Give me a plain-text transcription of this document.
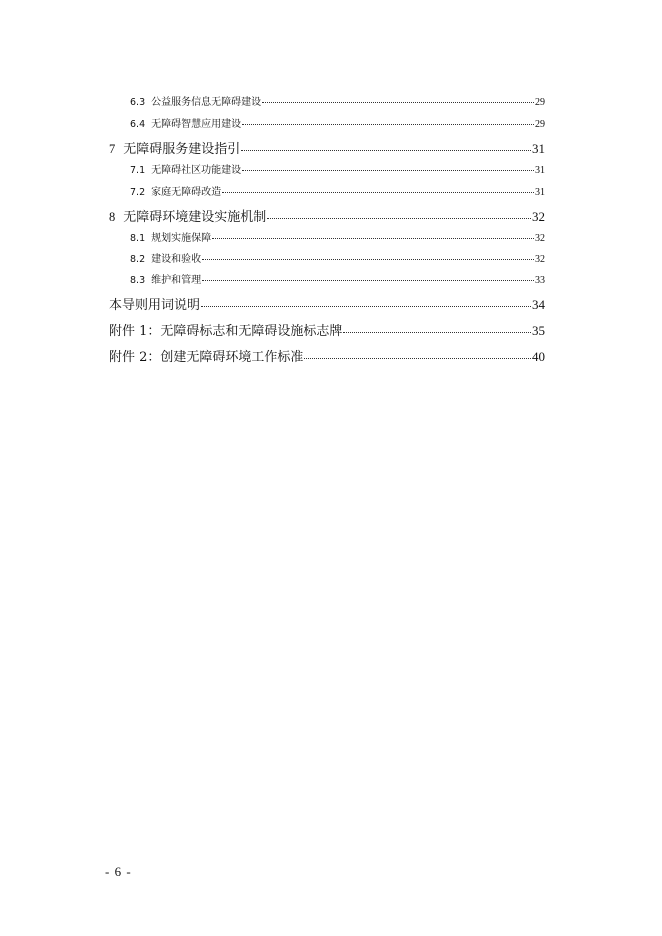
6.3 公益服务信息无障碍建设	29
6.4 无障碍智慧应用建设	29
7 无障碍服务建设指引	31
7.1 无障碍社区功能建设	31
7.2 家庭无障碍改造	31
8 无障碍环境建设实施机制	32
8.1 规划实施保障	32
8.2 建设和验收	32
8.3 维护和管理	33
本导则用词说明	34
附件 1：无障碍标志和无障碍设施标志牌	35
附件 2：创建无障碍环境工作标准	40
- 6 -
